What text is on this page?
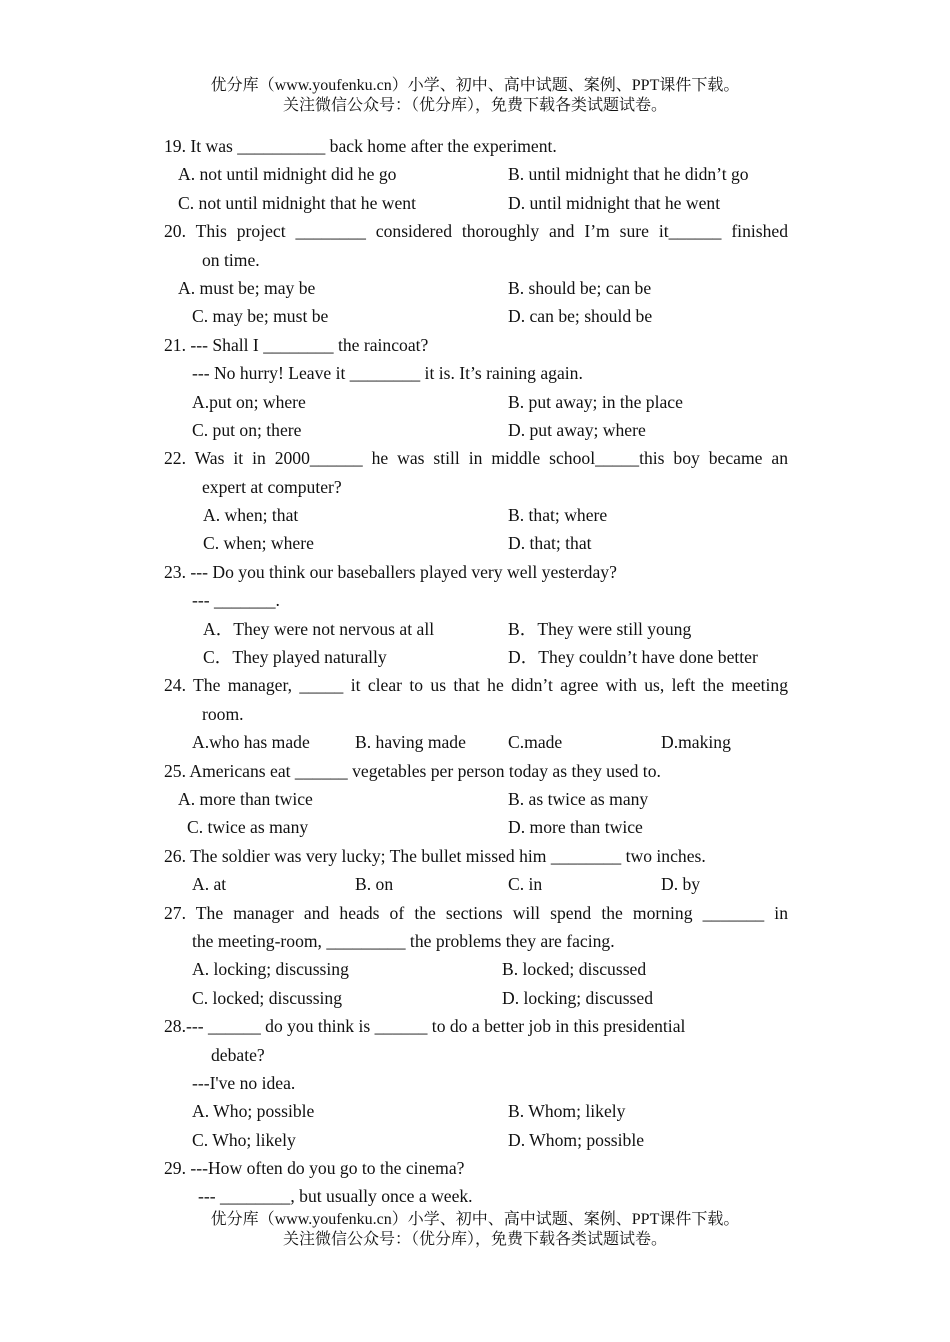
优分库（www.youfenku.cn）小学、初中、高中试题、案例、PPT课件下载。
关注微信公众号：（优分库），免费下载各类试题试卷。
19. It was __________ back home after the experiment.
A. not until midnight did he go	B. until midnight that he didn’t go
C. not until midnight that he went	D. until midnight that he went
20. This project ________ considered thoroughly and I’m sure it______ finished
on time.
A. must be; may be	B. should be; can be
C. may be; must be	D. can be; should be
21. --- Shall I ________ the raincoat?
--- No hurry! Leave it ________ it is. It’s raining again.
A.put on; where	B. put away; in the place
C. put on; there	D. put away; where
22. Was it in 2000______ he was still in middle school_____this boy became an
expert at computer?
A. when; that	B. that; where
C. when; where	D. that; that
23. --- Do you think our baseballers played very well yesterday?
--- _______.
A．They were not nervous at all	B．They were still young
C．They played naturally	D．They couldn’t have done better
24. The manager, _____ it clear to us that he didn’t agree with us, left the meeting
room.
A.who has made	B. having made C.made	D.making
25. Americans eat ______ vegetables per person today as they used to.
A. more than twice	B. as twice as many
C. twice as many	D. more than twice
26. The soldier was very lucky; The bullet missed him ________ two inches.
A. at	B. on	C. in	D. by
27. The manager and heads of the sections will spend the morning _______ in
the meeting-room, _________ the problems they are facing.
A. locking; discussing	B. locked; discussed
C. locked; discussing	D. locking; discussed
28.--- ______ do you think is ______ to do a better job in this presidential
debate?
---I've no idea.
A. Who; possible	B. Whom; likely
C. Who; likely	D. Whom; possible
29. ---How often do you go to the cinema?
--- ________, but usually once a week.
优分库（www.youfenku.cn）小学、初中、高中试题、案例、PPT课件下载。
关注微信公众号：（优分库），免费下载各类试题试卷。
